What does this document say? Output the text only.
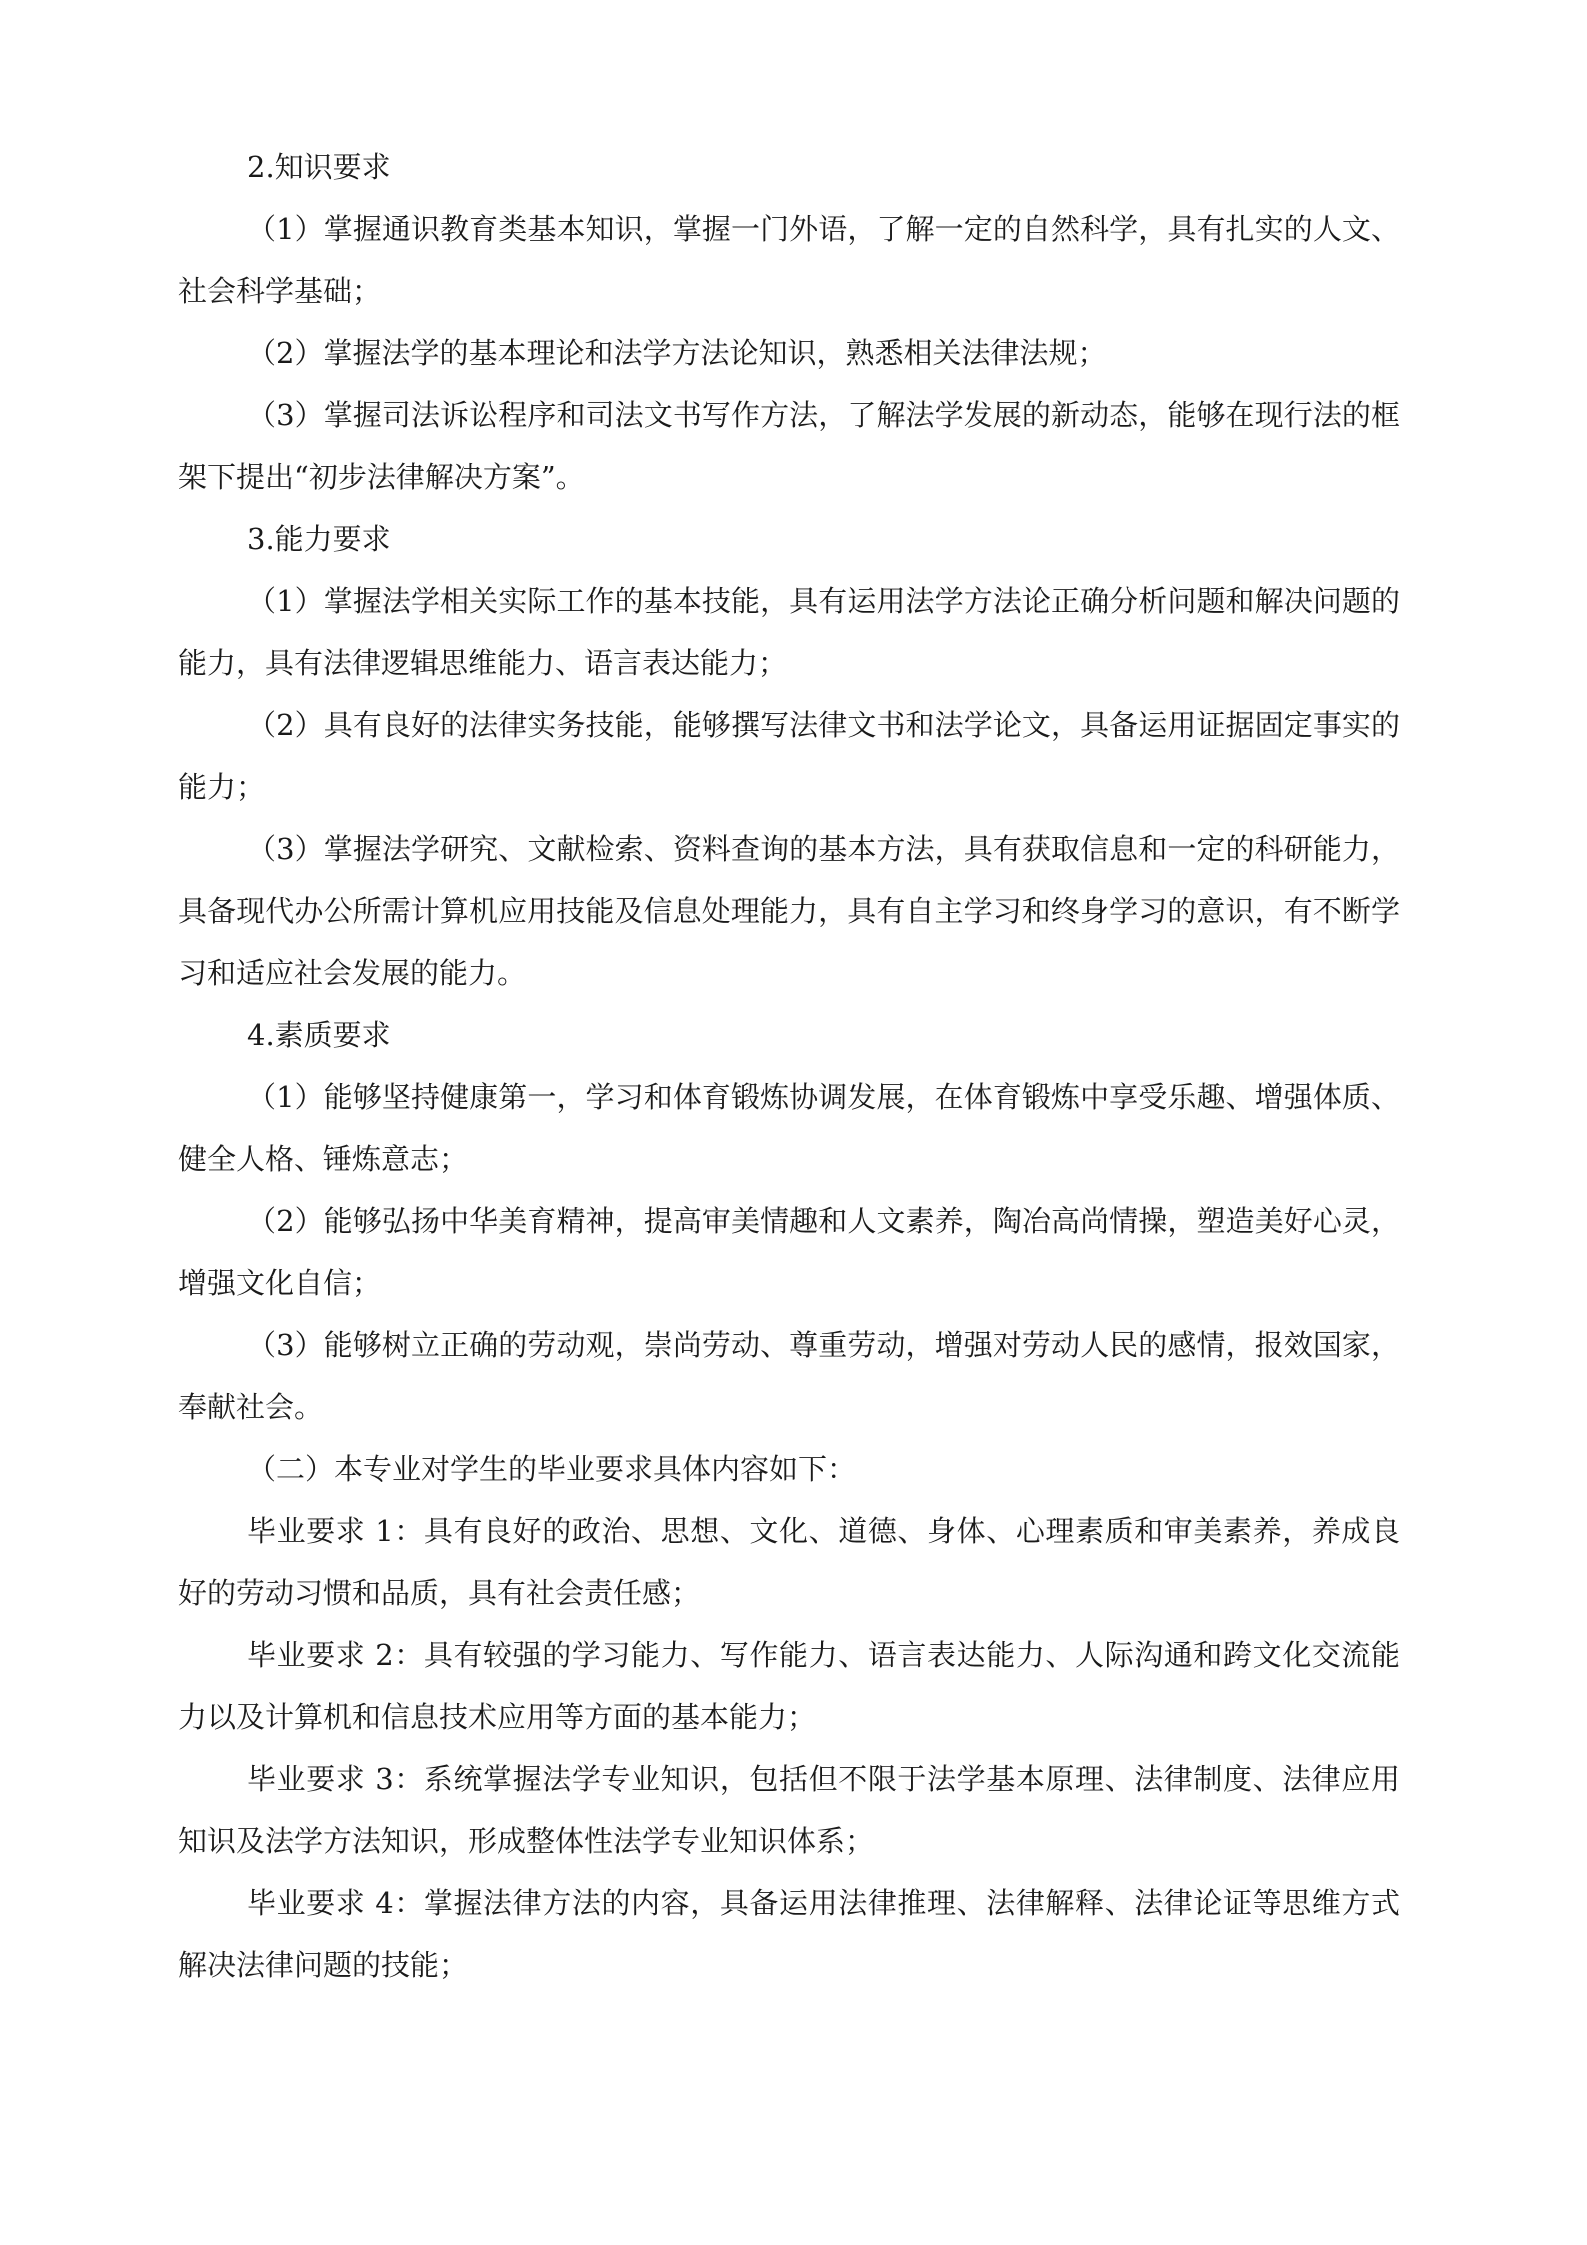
2.知识要求

（1）掌握通识教育类基本知识，掌握一门外语，了解一定的自然科学，具有扎实的人文、社会科学基础；

（2）掌握法学的基本理论和法学方法论知识，熟悉相关法律法规；

（3）掌握司法诉讼程序和司法文书写作方法，了解法学发展的新动态，能够在现行法的框架下提出“初步法律解决方案”。

3.能力要求

（1）掌握法学相关实际工作的基本技能，具有运用法学方法论正确分析问题和解决问题的能力，具有法律逻辑思维能力、语言表达能力；

（2）具有良好的法律实务技能，能够撰写法律文书和法学论文，具备运用证据固定事实的能力；

（3）掌握法学研究、文献检索、资料查询的基本方法，具有获取信息和一定的科研能力，具备现代办公所需计算机应用技能及信息处理能力，具有自主学习和终身学习的意识，有不断学习和适应社会发展的能力。

4.素质要求

（1）能够坚持健康第一，学习和体育锻炼协调发展，在体育锻炼中享受乐趣、增强体质、健全人格、锤炼意志；

（2）能够弘扬中华美育精神，提高审美情趣和人文素养，陶冶高尚情操，塑造美好心灵，增强文化自信；

（3）能够树立正确的劳动观，崇尚劳动、尊重劳动，增强对劳动人民的感情，报效国家，奉献社会。

（二）本专业对学生的毕业要求具体内容如下：

毕业要求 1：具有良好的政治、思想、文化、道德、身体、心理素质和审美素养，养成良好的劳动习惯和品质，具有社会责任感；

毕业要求 2：具有较强的学习能力、写作能力、语言表达能力、人际沟通和跨文化交流能力以及计算机和信息技术应用等方面的基本能力；

毕业要求 3：系统掌握法学专业知识，包括但不限于法学基本原理、法律制度、法律应用知识及法学方法知识，形成整体性法学专业知识体系；

毕业要求 4：掌握法律方法的内容，具备运用法律推理、法律解释、法律论证等思维方式解决法律问题的技能；
